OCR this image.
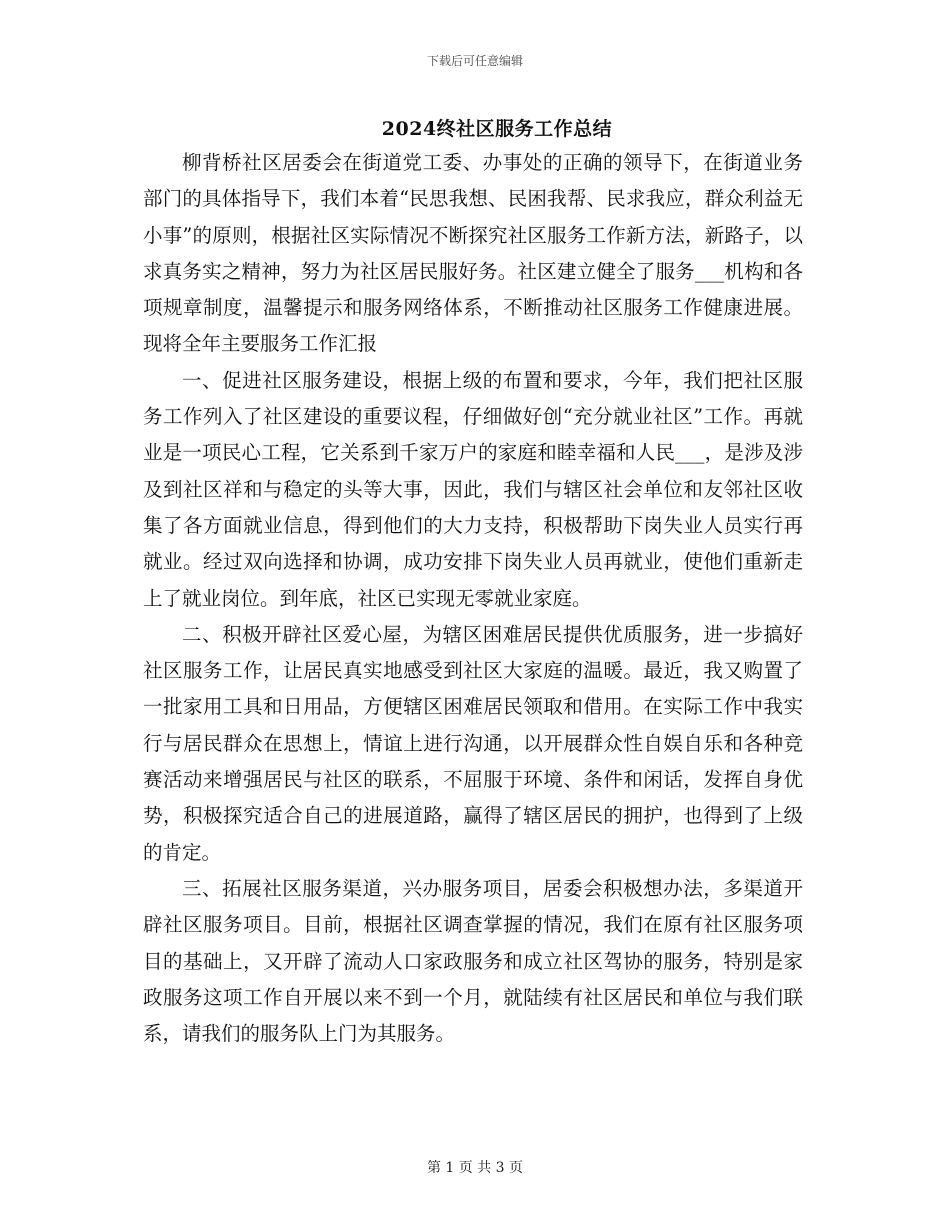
下载后可任意编辑
2024终社区服务工作总结

柳背桥社区居委会在街道党工委、办事处的正确的领导下，在街道业务部门的具体指导下，我们本着“民思我想、民困我帮、民求我应，群众利益无小事”的原则，根据社区实际情况不断探究社区服务工作新方法，新路子，以求真务实之精神，努力为社区居民服好务。社区建立健全了服务___机构和各项规章制度，温馨提示和服务网络体系，不断推动社区服务工作健康进展。现将全年主要服务工作汇报

一、促进社区服务建设，根据上级的布置和要求，今年，我们把社区服务工作列入了社区建设的重要议程，仔细做好创“充分就业社区”工作。再就业是一项民心工程，它关系到千家万户的家庭和睦幸福和人民___，是涉及涉及到社区祥和与稳定的头等大事，因此，我们与辖区社会单位和友邻社区收集了各方面就业信息，得到他们的大力支持，积极帮助下岗失业人员实行再就业。经过双向选择和协调，成功安排下岗失业人员再就业，使他们重新走上了就业岗位。到年底，社区已实现无零就业家庭。

二、积极开辟社区爱心屋，为辖区困难居民提供优质服务，进一步搞好社区服务工作，让居民真实地感受到社区大家庭的温暖。最近，我又购置了一批家用工具和日用品，方便辖区困难居民领取和借用。在实际工作中我实行与居民群众在思想上，情谊上进行沟通，以开展群众性自娱自乐和各种竞赛活动来增强居民与社区的联系，不屈服于环境、条件和闲话，发挥自身优势，积极探究适合自己的进展道路，赢得了辖区居民的拥护，也得到了上级的肯定。

三、拓展社区服务渠道，兴办服务项目，居委会积极想办法，多渠道开辟社区服务项目。目前，根据社区调查掌握的情况，我们在原有社区服务项目的基础上，又开辟了流动人口家政服务和成立社区驾协的服务，特别是家政服务这项工作自开展以来不到一个月，就陆续有社区居民和单位与我们联系，请我们的服务队上门为其服务。

第 1 页 共 3 页
